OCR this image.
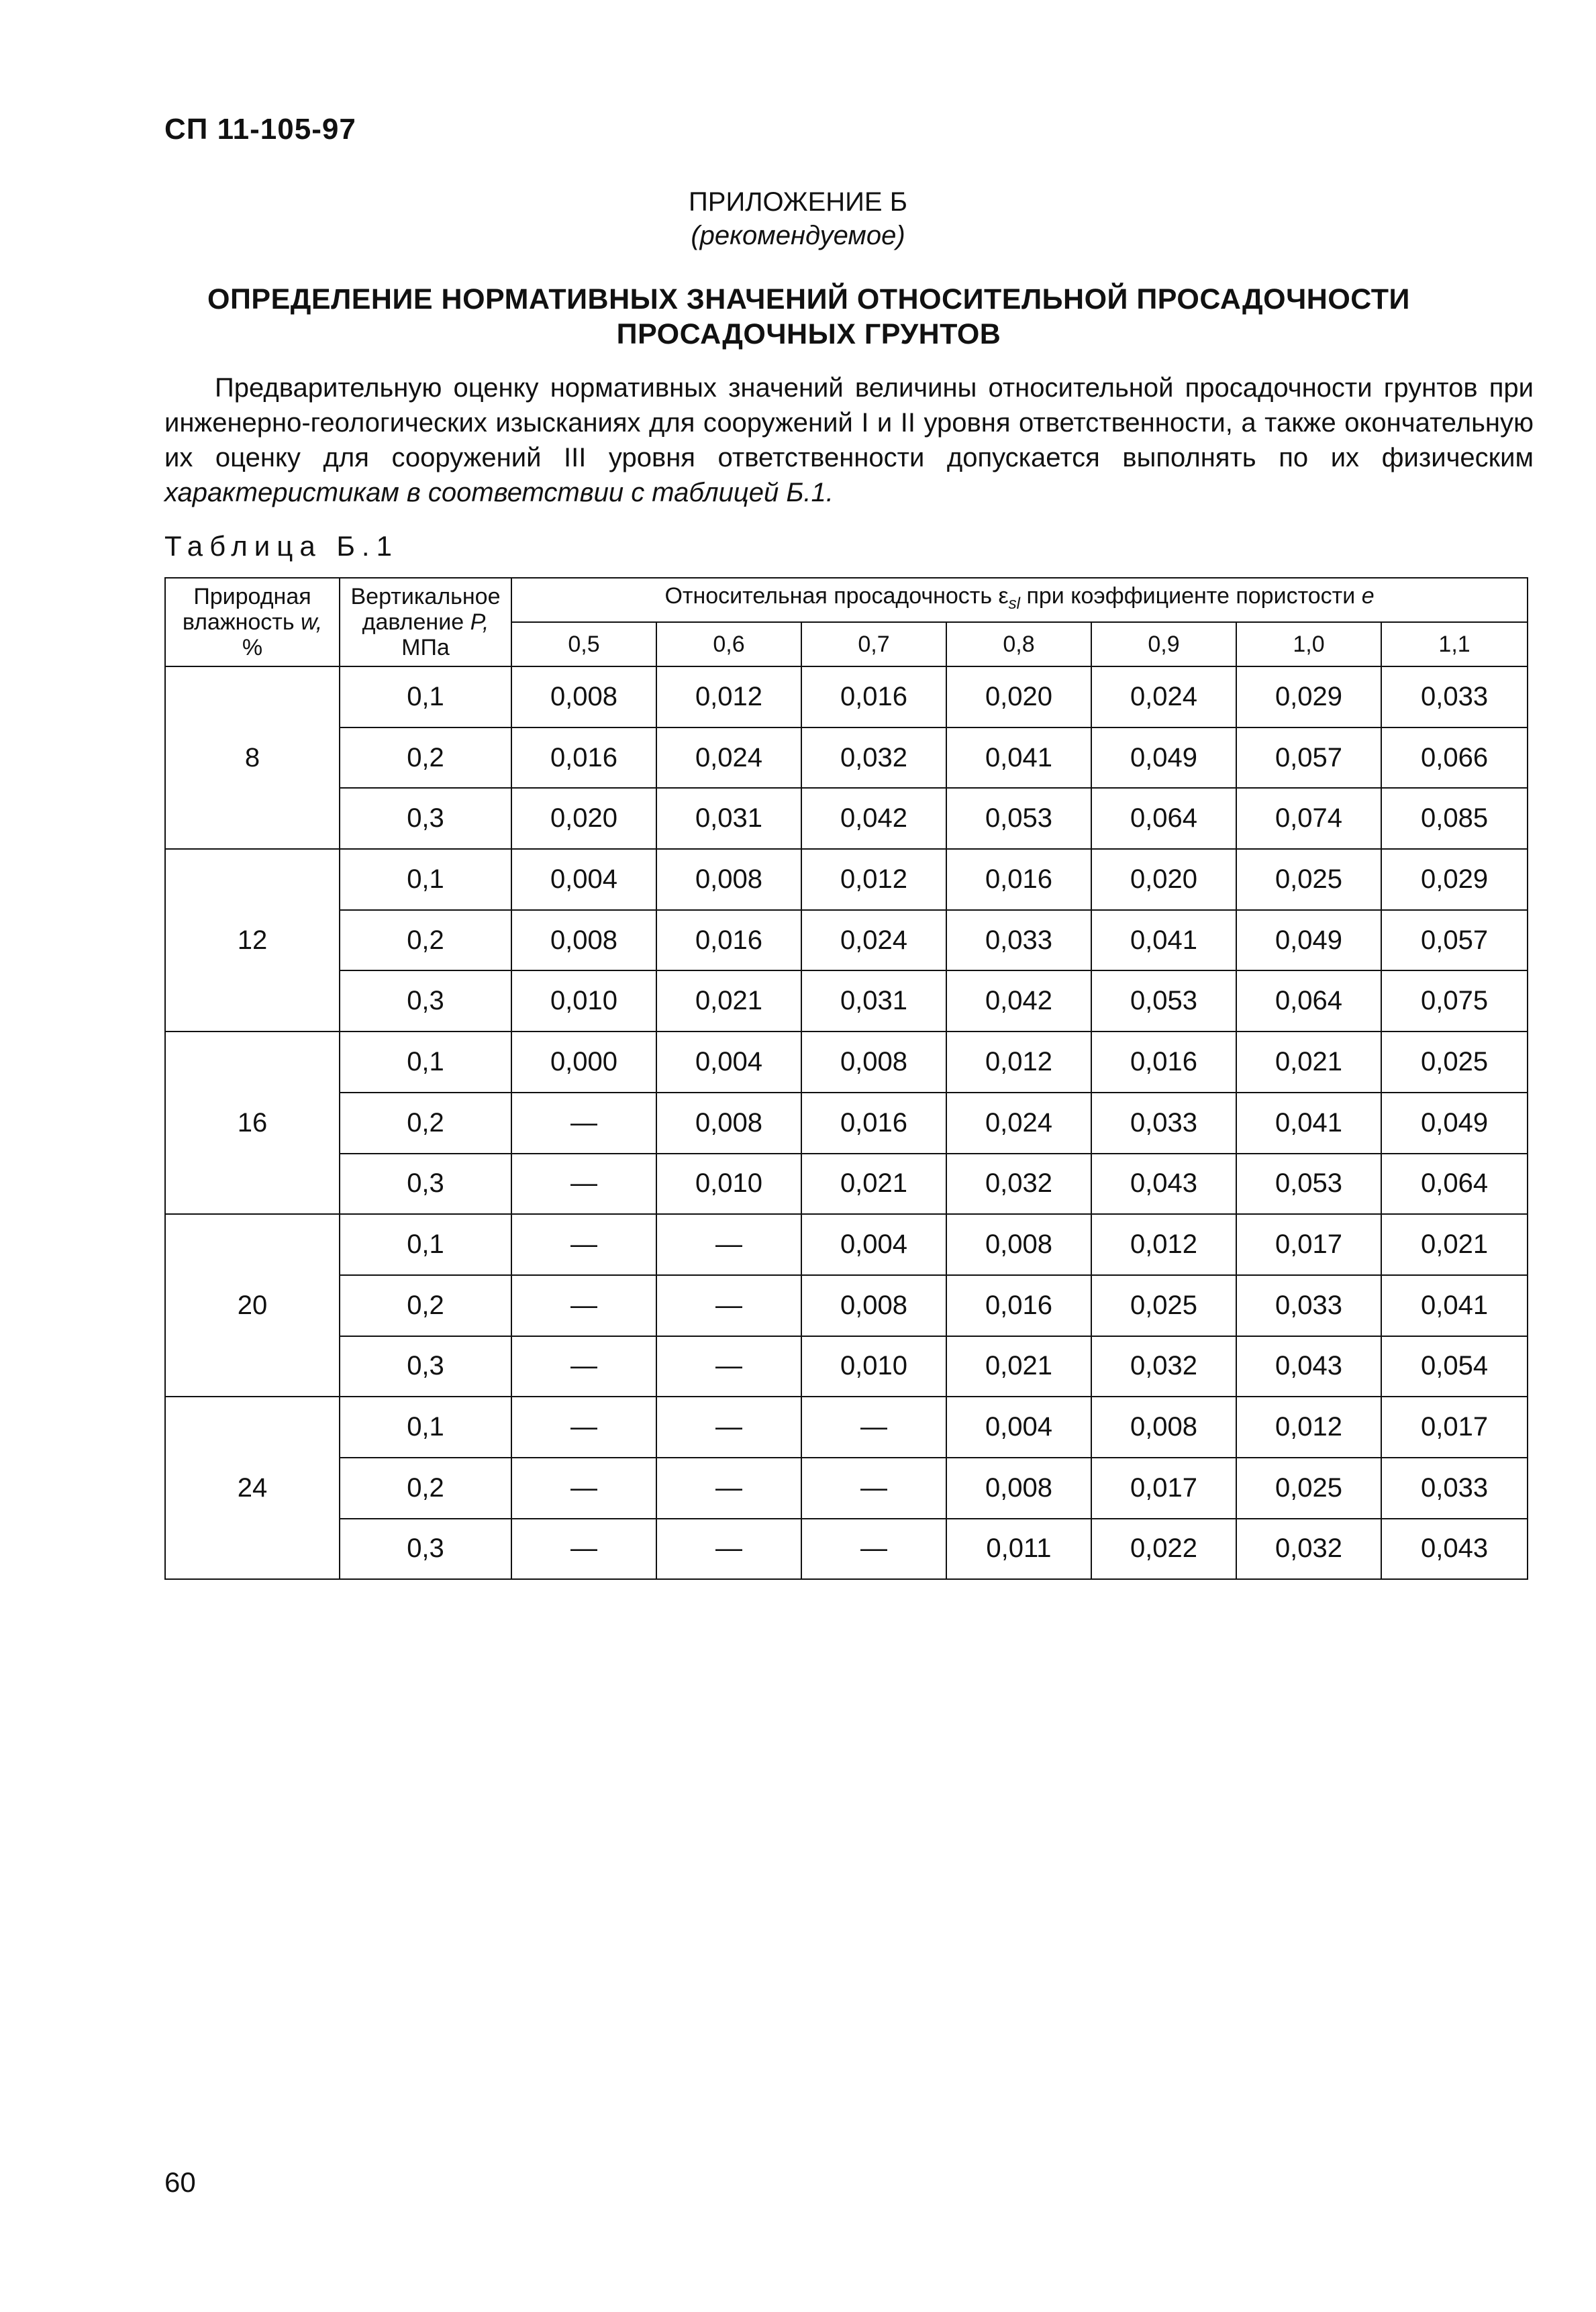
СП 11-105-97
ПРИЛОЖЕНИЕ Б
(рекомендуемое)
ОПРЕДЕЛЕНИЕ НОРМАТИВНЫХ ЗНАЧЕНИЙ ОТНОСИТЕЛЬНОЙ ПРОСАДОЧНОСТИ
ПРОСАДОЧНЫХ ГРУНТОВ
Предварительную оценку нормативных значений величины относительной просадочности грунтов при инженерно-геологических изысканиях для сооружений I и II уровня ответственности, а также окончательную их оценку для сооружений III уровня ответственности допускается выполнять по их физическим характеристикам в соответствии с таблицей Б.1.
Таблица Б.1
Природная
влажность w,
%	Вертикальное
давление P,
МПа	Относительная просадочность $\varepsilon_{sl}$ при коэффициенте пористости e						
		0,5	0,6	0,7	0,8	0,9	1,0	1,1
8	0,1	0,008	0,012	0,016	0,020	0,024	0,029	0,033
	0,2	0,016	0,024	0,032	0,041	0,049	0,057	0,066
	0,3	0,020	0,031	0,042	0,053	0,064	0,074	0,085
12	0,1	0,004	0,008	0,012	0,016	0,020	0,025	0,029
	0,2	0,008	0,016	0,024	0,033	0,041	0,049	0,057
	0,3	0,010	0,021	0,031	0,042	0,053	0,064	0,075
16	0,1	0,000	0,004	0,008	0,012	0,016	0,021	0,025
	0,2	—	0,008	0,016	0,024	0,033	0,041	0,049
	0,3	—	0,010	0,021	0,032	0,043	0,053	0,064
20	0,1	—	—	0,004	0,008	0,012	0,017	0,021
	0,2	—	—	0,008	0,016	0,025	0,033	0,041
	0,3	—	—	0,010	0,021	0,032	0,043	0,054
24	0,1	—	—	—	0,004	0,008	0,012	0,017
	0,2	—	—	—	0,008	0,017	0,025	0,033
	0,3	—	—	—	0,011	0,022	0,032	0,043
60
